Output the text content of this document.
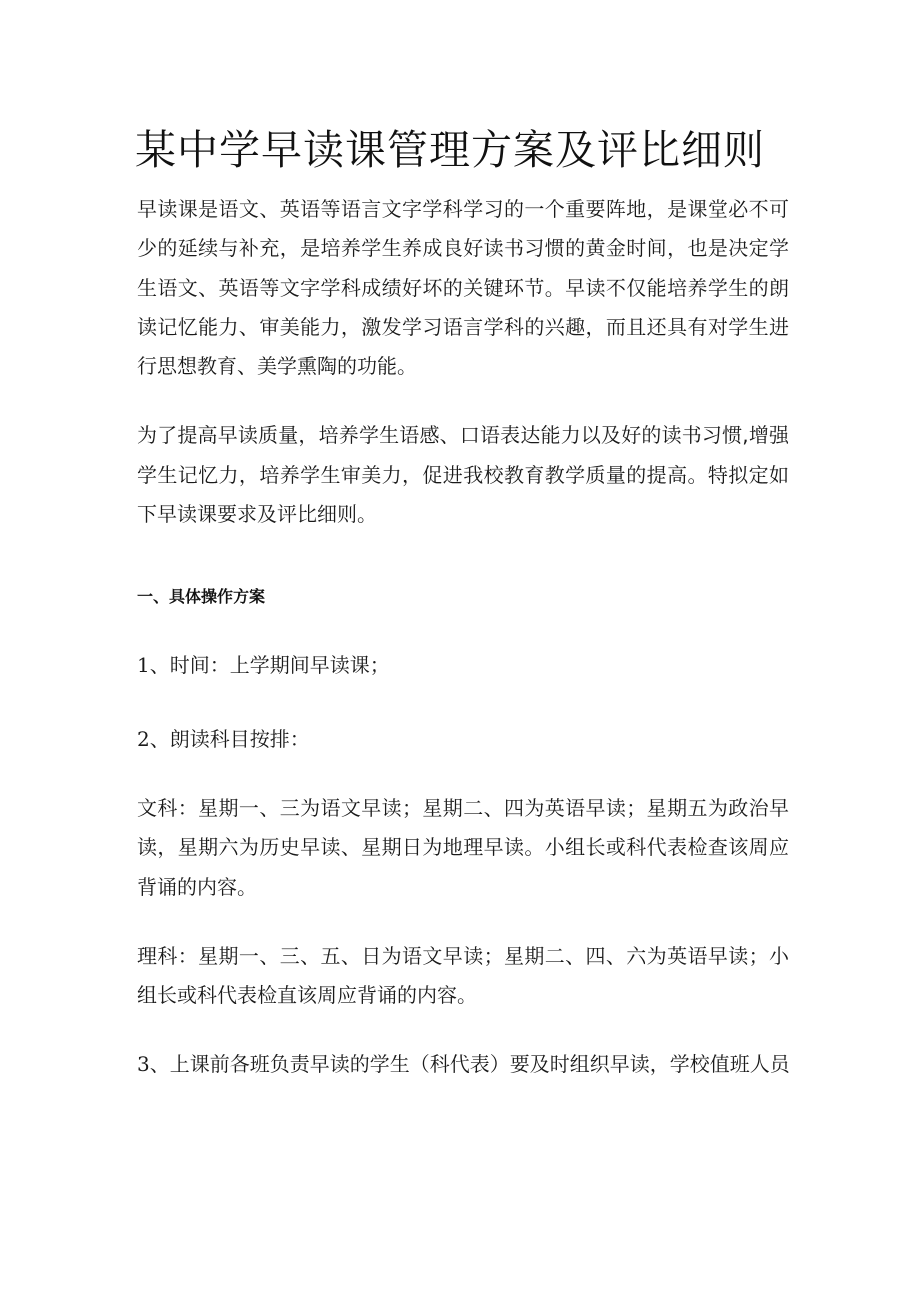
某中学早读课管理方案及评比细则

早读课是语文、英语等语言文字学科学习的一个重要阵地，是课堂必不可少的延续与补充，是培养学生养成良好读书习惯的黄金时间，也是决定学生语文、英语等文字学科成绩好坏的关键环节。早读不仅能培养学生的朗读记忆能力、审美能力，激发学习语言学科的兴趣，而且还具有对学生进行思想教育、美学熏陶的功能。

为了提高早读质量，培养学生语感、口语表达能力以及好的读书习惯,增强学生记忆力，培养学生审美力，促进我校教育教学质量的提高。特拟定如下早读课要求及评比细则。

一、具体操作方案
1、时间：上学期间早读课；
2、朗读科目按排：

文科：星期一、三为语文早读；星期二、四为英语早读；星期五为政治早读，星期六为历史早读、星期日为地理早读。小组长或科代表检查该周应背诵的内容。

理科：星期一、三、五、日为语文早读；星期二、四、六为英语早读；小组长或科代表检直该周应背诵的内容。

3、上课前各班负责早读的学生（科代表）要及时组织早读，学校值班人员
